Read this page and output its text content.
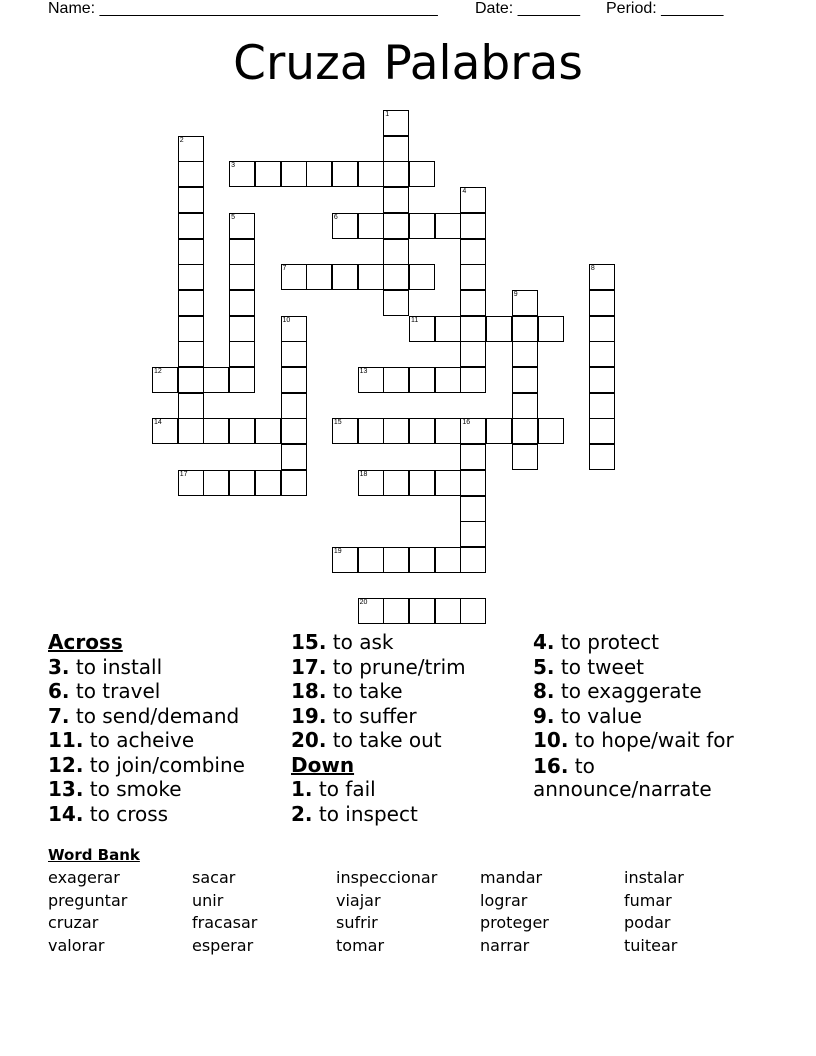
Name: ______________________________________ Date: _______ Period: _______
Cruza Palabras
1
2
3
4
5	6
7	8
9
10	11
12	13
14	15	16
17	18
19
20
Across
3. to install
6. to travel
7. to send/demand
11. to acheive
12. to join/combine
13. to smoke
14. to cross
15. to ask
17. to prune/trim
18. to take
19. to suffer
20. to take out
Down
1. to fail
2. to inspect
4. to protect
5. to tweet
8. to exaggerate
9. to value
10. to hope/wait for
16. to announce/narrate
Word Bank
exagerar	sacar	inspeccionar	mandar	instalar
preguntar	unir	viajar	lograr	fumar
cruzar	fracasar	sufrir	proteger	podar
valorar	esperar	tomar	narrar	tuitear
